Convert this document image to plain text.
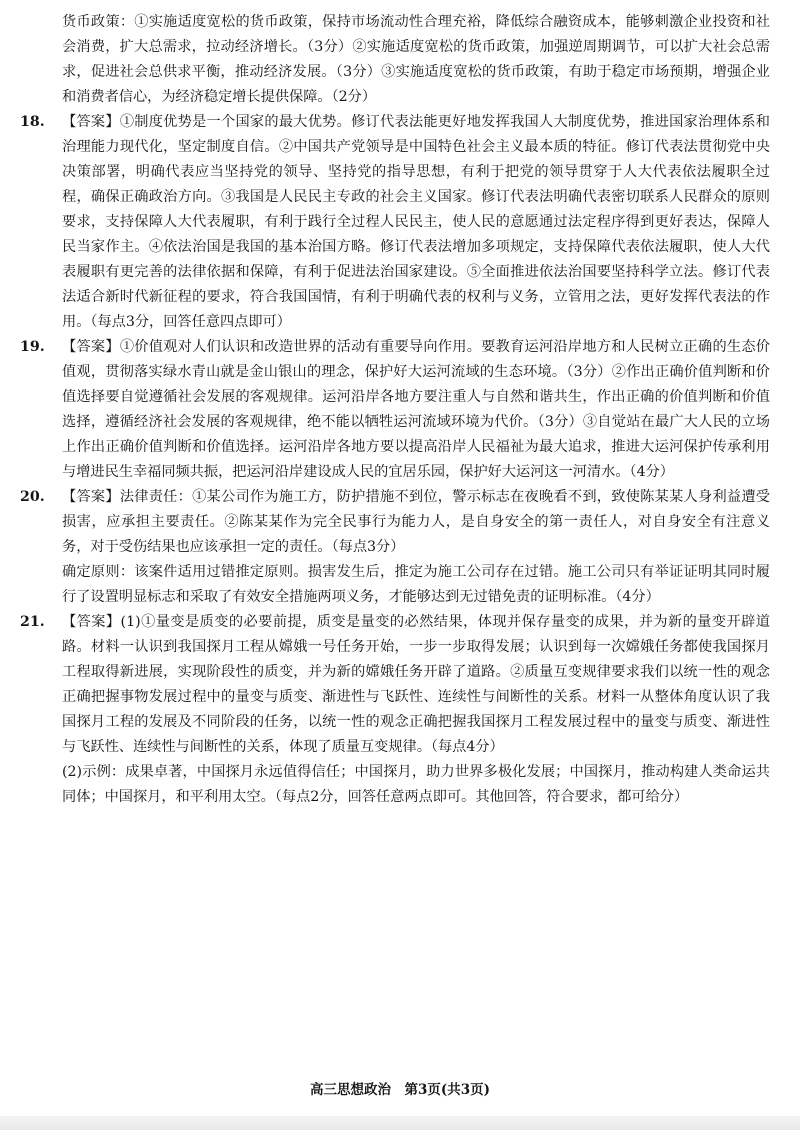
货币政策：①实施适度宽松的货币政策，保持市场流动性合理充裕，降低综合融资成本，能够刺激企业投资和社会消费，扩大总需求，拉动经济增长。（3分）②实施适度宽松的货币政策，加强逆周期调节，可以扩大社会总需求，促进社会总供求平衡，推动经济发展。（3分）③实施适度宽松的货币政策，有助于稳定市场预期，增强企业和消费者信心，为经济稳定增长提供保障。（2分）

18. 【答案】①制度优势是一个国家的最大优势。修订代表法能更好地发挥我国人大制度优势，推进国家治理体系和治理能力现代化，坚定制度自信。②中国共产党领导是中国特色社会主义最本质的特征。修订代表法贯彻党中央决策部署，明确代表应当坚持党的领导、坚持党的指导思想，有利于把党的领导贯穿于人大代表依法履职全过程，确保正确政治方向。③我国是人民民主专政的社会主义国家。修订代表法明确代表密切联系人民群众的原则要求，支持保障人大代表履职，有利于践行全过程人民民主，使人民的意愿通过法定程序得到更好表达，保障人民当家作主。④依法治国是我国的基本治国方略。修订代表法增加多项规定，支持保障代表依法履职，使人大代表履职有更完善的法律依据和保障，有利于促进法治国家建设。⑤全面推进依法治国要坚持科学立法。修订代表法适合新时代新征程的要求，符合我国国情，有利于明确代表的权利与义务，立管用之法，更好发挥代表法的作用。（每点3分，回答任意四点即可）
19. 【答案】①价值观对人们认识和改造世界的活动有重要导向作用。要教育运河沿岸地方和人民树立正确的生态价值观，贯彻落实绿水青山就是金山银山的理念，保护好大运河流域的生态环境。（3分）②作出正确价值判断和价值选择要自觉遵循社会发展的客观规律。运河沿岸各地方要注重人与自然和谐共生，作出正确的价值判断和价值选择，遵循经济社会发展的客观规律，绝不能以牺牲运河流域环境为代价。（3分）③自觉站在最广大人民的立场上作出正确价值判断和价值选择。运河沿岸各地方要以提高沿岸人民福祉为最大追求，推进大运河保护传承利用与增进民生幸福同频共振，把运河沿岸建设成人民的宜居乐园，保护好大运河这一河清水。（4分）
20. 【答案】法律责任：①某公司作为施工方，防护措施不到位，警示标志在夜晚看不到，致使陈某某人身利益遭受损害，应承担主要责任。②陈某某作为完全民事行为能力人，是自身安全的第一责任人，对自身安全有注意义务，对于受伤结果也应该承担一定的责任。（每点3分）

确定原则：该案件适用过错推定原则。损害发生后，推定为施工公司存在过错。施工公司只有举证证明其同时履行了设置明显标志和采取了有效安全措施两项义务，才能够达到无过错免责的证明标准。（4分）

21. 【答案】(1)①量变是质变的必要前提，质变是量变的必然结果，体现并保存量变的成果，并为新的量变开辟道路。材料一认识到我国探月工程从嫦娥一号任务开始，一步一步取得发展；认识到每一次嫦娥任务都使我国探月工程取得新进展，实现阶段性的质变，并为新的嫦娥任务开辟了道路。②质量互变规律要求我们以统一性的观念正确把握事物发展过程中的量变与质变、渐进性与飞跃性、连续性与间断性的关系。材料一从整体角度认识了我国探月工程的发展及不同阶段的任务，以统一性的观念正确把握我国探月工程发展过程中的量变与质变、渐进性与飞跃性、连续性与间断性的关系，体现了质量互变规律。（每点4分）

(2)示例：成果卓著，中国探月永远值得信任；中国探月，助力世界多极化发展；中国探月，推动构建人类命运共同体；中国探月，和平利用太空。（每点2分，回答任意两点即可。其他回答，符合要求，都可给分）

高三思想政治　第3页(共3页)
